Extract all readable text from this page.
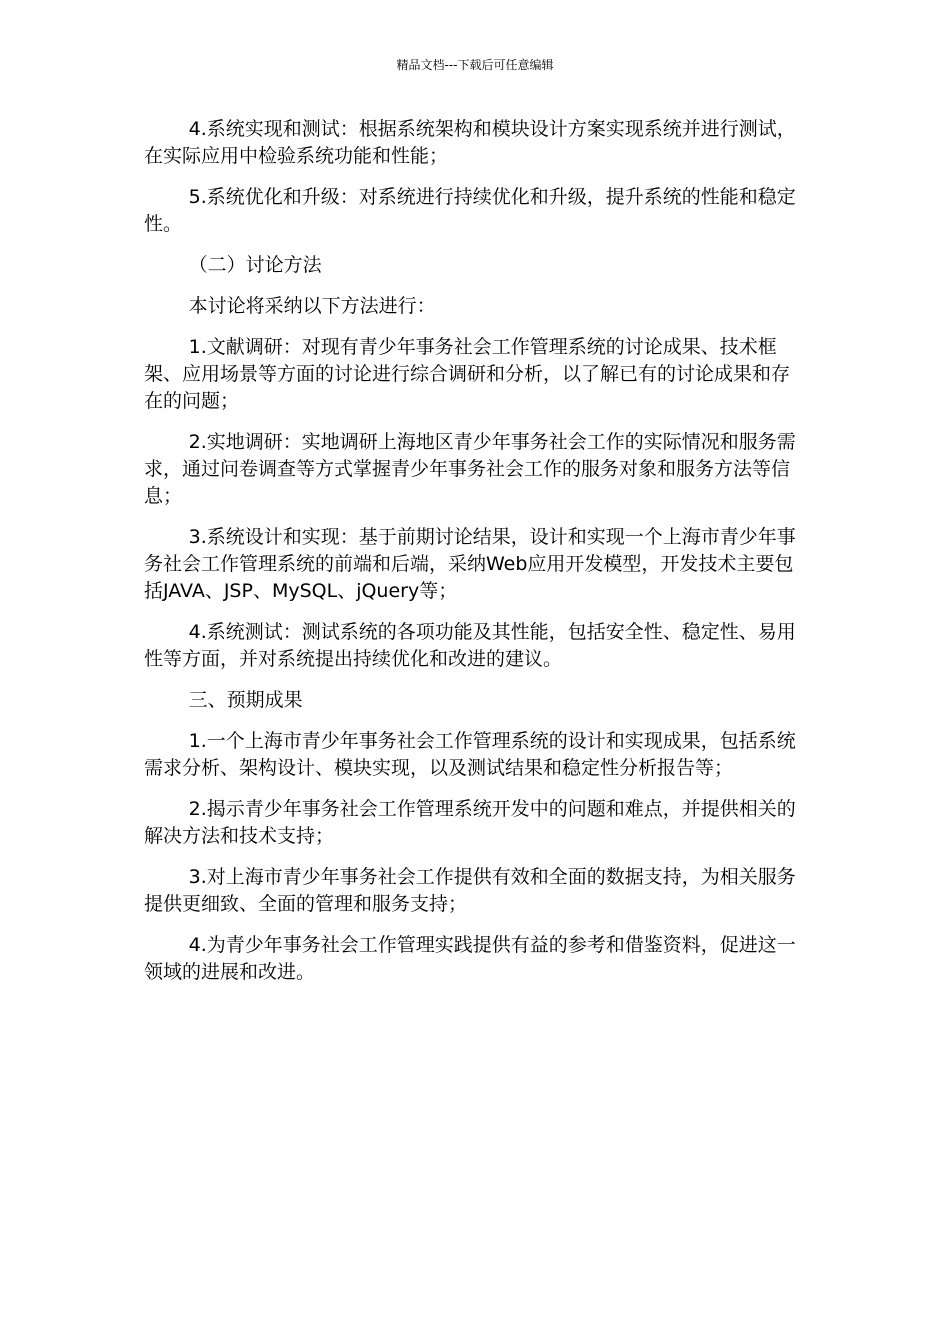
精品文档---下载后可任意编辑

4.系统实现和测试：根据系统架构和模块设计方案实现系统并进行测试，在实际应用中检验系统功能和性能；

5.系统优化和升级：对系统进行持续优化和升级，提升系统的性能和稳定性。

（二）讨论方法

本讨论将采纳以下方法进行：

1.文献调研：对现有青少年事务社会工作管理系统的讨论成果、技术框架、应用场景等方面的讨论进行综合调研和分析，以了解已有的讨论成果和存在的问题；

2.实地调研：实地调研上海地区青少年事务社会工作的实际情况和服务需求，通过问卷调查等方式掌握青少年事务社会工作的服务对象和服务方法等信息；

3.系统设计和实现：基于前期讨论结果，设计和实现一个上海市青少年事务社会工作管理系统的前端和后端，采纳Web应用开发模型，开发技术主要包括JAVA、JSP、MySQL、jQuery等；

4.系统测试：测试系统的各项功能及其性能，包括安全性、稳定性、易用性等方面，并对系统提出持续优化和改进的建议。

三、预期成果

1.一个上海市青少年事务社会工作管理系统的设计和实现成果，包括系统需求分析、架构设计、模块实现，以及测试结果和稳定性分析报告等；

2.揭示青少年事务社会工作管理系统开发中的问题和难点，并提供相关的解决方法和技术支持；

3.对上海市青少年事务社会工作提供有效和全面的数据支持，为相关服务提供更细致、全面的管理和服务支持；

4.为青少年事务社会工作管理实践提供有益的参考和借鉴资料，促进这一领域的进展和改进。
